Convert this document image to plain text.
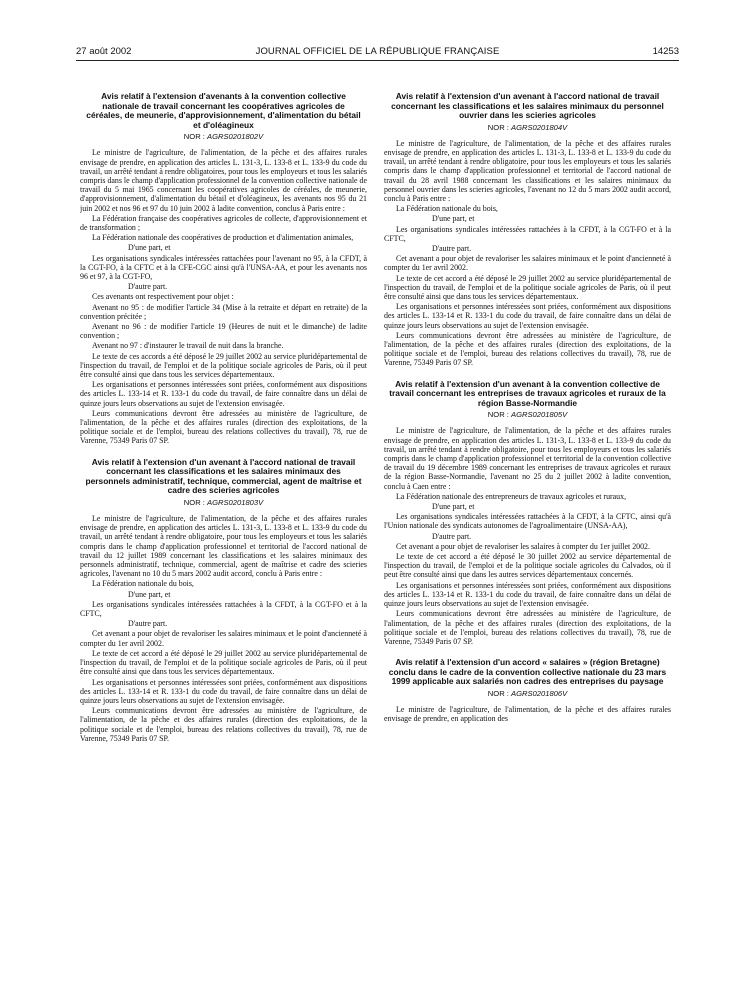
27 août 2002	JOURNAL OFFICIEL DE LA RÉPUBLIQUE FRANÇAISE	14253
Avis relatif à l'extension d'avenants à la convention collective nationale de travail concernant les coopératives agricoles de céréales, de meunerie, d'approvisionnement, d'alimentation du bétail et d'oléagineux
NOR : AGRS0201802V
Le ministre de l'agriculture, de l'alimentation, de la pêche et des affaires rurales envisage de prendre, en application des articles L. 131-3, L. 133-8 et L. 133-9 du code du travail, un arrêté tendant à rendre obligatoires, pour tous les employeurs et tous les salariés compris dans le champ d'application professionnel de la convention collective nationale de travail du 5 mai 1965 concernant les coopératives agricoles de céréales, de meunerie, d'approvisionnement, d'alimentation du bétail et d'oléagineux, les avenants nos 95 du 21 juin 2002 et nos 96 et 97 du 10 juin 2002 à ladite convention, conclus à Paris entre :
La Fédération française des coopératives agricoles de collecte, d'approvisionnement et de transformation ;
La Fédération nationale des coopératives de production et d'alimentation animales,
D'une part, et
Les organisations syndicales intéressées rattachées pour l'avenant no 95, à la CFDT, à la CGT-FO, à la CFTC et à la CFE-CGC ainsi qu'à l'UNSA-AA, et pour les avenants nos 96 et 97, à la CGT-FO,
D'autre part.
Ces avenants ont respectivement pour objet :
Avenant no 95 : de modifier l'article 34 (Mise à la retraite et départ en retraite) de la convention précitée ;
Avenant no 96 : de modifier l'article 19 (Heures de nuit et le dimanche) de ladite convention ;
Avenant no 97 : d'instaurer le travail de nuit dans la branche.
Le texte de ces accords a été déposé le 29 juillet 2002 au service pluridépartemental de l'inspection du travail, de l'emploi et de la politique sociale agricoles de Paris, où il peut être consulté ainsi que dans tous les services départementaux.
Les organisations et personnes intéressées sont priées, conformément aux dispositions des articles L. 133-14 et R. 133-1 du code du travail, de faire connaître dans un délai de quinze jours leurs observations au sujet de l'extension envisagée.
Leurs communications devront être adressées au ministère de l'agriculture, de l'alimentation, de la pêche et des affaires rurales (direction des exploitations, de la politique sociale et de l'emploi, bureau des relations collectives du travail), 78, rue de Varenne, 75349 Paris 07 SP.
Avis relatif à l'extension d'un avenant à l'accord national de travail concernant les classifications et les salaires minimaux des personnels administratif, technique, commercial, agent de maîtrise et cadre des scieries agricoles
NOR : AGRS0201803V
Le ministre de l'agriculture, de l'alimentation, de la pêche et des affaires rurales envisage de prendre, en application des articles L. 131-3, L. 133-8 et L. 133-9 du code du travail, un arrêté tendant à rendre obligatoire, pour tous les employeurs et tous les salariés compris dans le champ d'application professionnel et territorial de l'accord national de travail du 12 juillet 1989 concernant les classifications et les salaires minimaux des personnels administratif, technique, commercial, agent de maîtrise et cadre des scieries agricoles, l'avenant no 10 du 5 mars 2002 audit accord, conclu à Paris entre :
La Fédération nationale du bois,
D'une part, et
Les organisations syndicales intéressées rattachées à la CFDT, à la CGT-FO et à la CFTC,
D'autre part.
Cet avenant a pour objet de revaloriser les salaires minimaux et le point d'ancienneté à compter du 1er avril 2002.
Le texte de cet accord a été déposé le 29 juillet 2002 au service pluridépartemental de l'inspection du travail, de l'emploi et de la politique sociale agricoles de Paris, où il peut être consulté ainsi que dans tous les services départementaux.
Les organisations et personnes intéressées sont priées, conformément aux dispositions des articles L. 133-14 et R. 133-1 du code du travail, de faire connaître dans un délai de quinze jours leurs observations au sujet de l'extension envisagée.
Leurs communications devront être adressées au ministère de l'agriculture, de l'alimentation, de la pêche et des affaires rurales (direction des exploitations, de la politique sociale et de l'emploi, bureau des relations collectives du travail), 78, rue de Varenne, 75349 Paris 07 SP.
Avis relatif à l'extension d'un avenant à l'accord national de travail concernant les classifications et les salaires minimaux du personnel ouvrier dans les scieries agricoles
NOR : AGRS0201804V
Le ministre de l'agriculture, de l'alimentation, de la pêche et des affaires rurales envisage de prendre, en application des articles L. 131-3, L. 133-8 et L. 133-9 du code du travail, un arrêté tendant à rendre obligatoire, pour tous les employeurs et tous les salariés compris dans le champ d'application professionnel et territorial de l'accord national de travail du 28 avril 1988 concernant les classifications et les salaires minimaux du personnel ouvrier dans les scieries agricoles, l'avenant no 12 du 5 mars 2002 audit accord, conclu à Paris entre :
La Fédération nationale du bois,
D'une part, et
Les organisations syndicales intéressées rattachées à la CFDT, à la CGT-FO et à la CFTC,
D'autre part.
Cet avenant a pour objet de revaloriser les salaires minimaux et le point d'ancienneté à compter du 1er avril 2002.
Le texte de cet accord a été déposé le 29 juillet 2002 au service pluridépartemental de l'inspection du travail, de l'emploi et de la politique sociale agricoles de Paris, où il peut être consulté ainsi que dans tous les services départementaux.
Les organisations et personnes intéressées sont priées, conformément aux dispositions des articles L. 133-14 et R. 133-1 du code du travail, de faire connaître dans un délai de quinze jours leurs observations au sujet de l'extension envisagée.
Leurs communications devront être adressées au ministère de l'agriculture, de l'alimentation, de la pêche et des affaires rurales (direction des exploitations, de la politique sociale et de l'emploi, bureau des relations collectives du travail), 78, rue de Varenne, 75349 Paris 07 SP.
Avis relatif à l'extension d'un avenant à la convention collective de travail concernant les entreprises de travaux agricoles et ruraux de la région Basse-Normandie
NOR : AGRS0201805V
Le ministre de l'agriculture, de l'alimentation, de la pêche et des affaires rurales envisage de prendre, en application des articles L. 131-3, L. 133-8 et L. 133-9 du code du travail, un arrêté tendant à rendre obligatoire, pour tous les employeurs et tous les salariés compris dans le champ d'application professionnel et territorial de la convention collective de travail du 19 décembre 1989 concernant les entreprises de travaux agricoles et ruraux de la région Basse-Normandie, l'avenant no 25 du 2 juillet 2002 à ladite convention, conclu à Caen entre :
La Fédération nationale des entrepreneurs de travaux agricoles et ruraux,
D'une part, et
Les organisations syndicales intéressées rattachées à la CFDT, à la CFTC, ainsi qu'à l'Union nationale des syndicats autonomes de l'agroalimentaire (UNSA-AA),
D'autre part.
Cet avenant a pour objet de revaloriser les salaires à compter du 1er juillet 2002.
Le texte de cet accord a été déposé le 30 juillet 2002 au service départemental de l'inspection du travail, de l'emploi et de la politique sociale agricoles du Calvados, où il peut être consulté ainsi que dans les autres services départementaux concernés.
Les organisations et personnes intéressées sont priées, conformément aux dispositions des articles L. 133-14 et R. 133-1 du code du travail, de faire connaître dans un délai de quinze jours leurs observations au sujet de l'extension envisagée.
Leurs communications devront être adressées au ministère de l'agriculture, de l'alimentation, de la pêche et des affaires rurales (direction des exploitations, de la politique sociale et de l'emploi, bureau des relations collectives du travail), 78, rue de Varenne, 75349 Paris 07 SP.
Avis relatif à l'extension d'un accord « salaires » (région Bretagne) conclu dans le cadre de la convention collective nationale du 23 mars 1999 applicable aux salariés non cadres des entreprises du paysage
NOR : AGRS0201806V
Le ministre de l'agriculture, de l'alimentation, de la pêche et des affaires rurales envisage de prendre, en application des
